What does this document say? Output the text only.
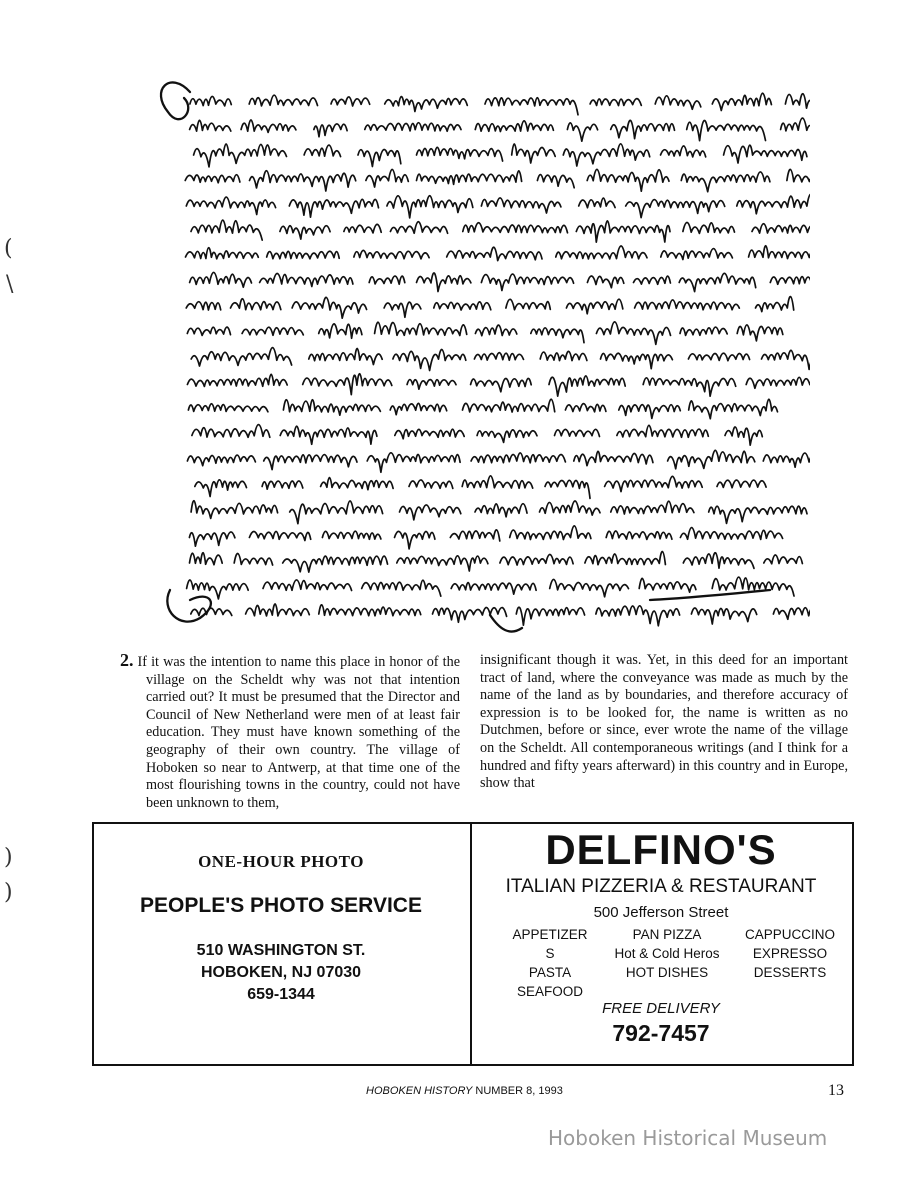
(
\
)
)

2. If it was the intention to name this place in honor of the village on the Scheldt why was not that intention carried out? It must be presumed that the Director and Council of New Netherland were men of at least fair education. They must have known something of the geography of their own country. The village of Hoboken so near to Antwerp, at that time one of the most flourishing towns in the country, could not have been unknown to them,

insignificant though it was. Yet, in this deed for an important tract of land, where the conveyance was made as much by the name of the land as by boundaries, and therefore accuracy of expression is to be looked for, the name is written as no Dutchmen, before or since, ever wrote the name of the village on the Scheldt. All contemporaneous writings (and I think for a hundred and fifty years afterward) in this country and in Europe, show that

ONE-HOUR PHOTO
PEOPLE'S PHOTO SERVICE
510 WASHINGTON ST.
HOBOKEN, NJ 07030
659-1344
DELFINO'S
ITALIAN PIZZERIA & RESTAURANT
500 Jefferson Street
APPETIZER
S
PASTA
SEAFOOD
PAN PIZZA
Hot & Cold Heros
HOT DISHES
CAPPUCCINO
EXPRESSO
DESSERTS
FREE DELIVERY
792-7457
HOBOKEN HISTORY NUMBER 8, 1993	13
Hoboken Historical Museum
